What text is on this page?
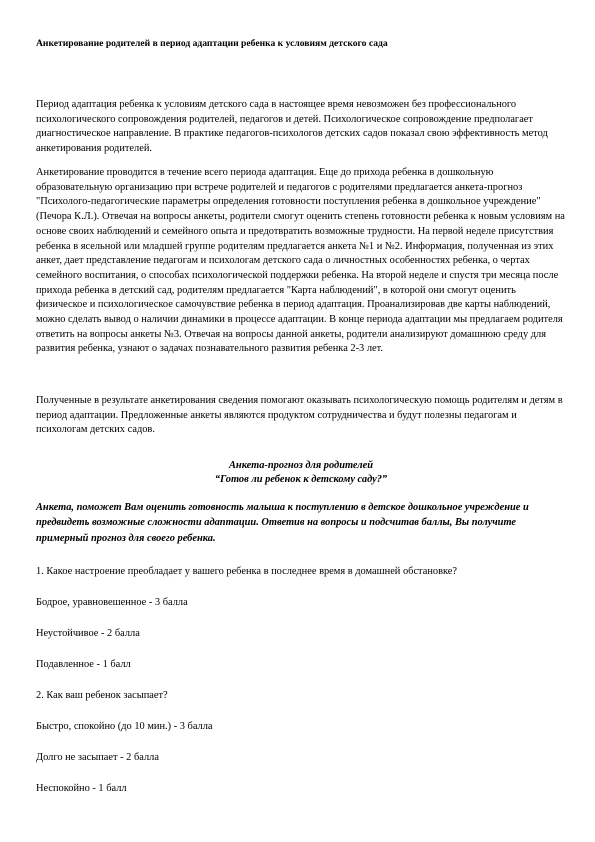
Анкетирование родителей в период адаптации ребенка к условиям детского сада
Период адаптация ребенка к условиям детского сада в настоящее время невозможен без профессионального психологического сопровождения родителей, педагогов и детей. Психологическое сопровождение предполагает диагностическое направление. В практике педагогов-психологов детских садов показал свою эффективность метод анкетирования родителей.
Анкетирование проводится в течение всего периода адаптация. Еще до прихода ребенка в дошкольную образовательную организацию при встрече родителей и педагогов с родителями предлагается анкета-прогноз "Психолого-педагогические параметры определения готовности поступления ребенка в дошкольное учреждение" (Печора К.Л.). Отвечая на вопросы анкеты, родители смогут оценить степень готовности ребенка к новым условиям на основе своих наблюдений и семейного опыта и предотвратить возможные трудности. На первой неделе присутствия ребенка в ясельной или младшей группе родителям предлагается анкета №1 и №2. Информация, полученная из этих анкет, дает представление педагогам и психологам детского сада о личностных особенностях ребенка, о чертах семейного воспитания, о способах психологической поддержки ребенка. На второй неделе и спустя три месяца после прихода ребенка в детский сад, родителям предлагается "Карта наблюдений", в которой они смогут оценить физическое и психологическое самочувствие ребенка в период адаптация. Проанализировав две карты наблюдений, можно сделать вывод о наличии динамики в процессе адаптации. В конце периода адаптации мы предлагаем родителя ответить на вопросы анкеты №3. Отвечая на вопросы данной анкеты, родители анализируют домашнюю среду для развития ребенка, узнают о задачах познавательного развития ребенка 2-3 лет.
Полученные в результате анкетирования сведения помогают оказывать психологическую помощь родителям и детям в период адаптации. Предложенные анкеты являются продуктом сотрудничества и будут полезны педагогам и психологам детских садов.
Анкета-прогноз для родителей
“Готов ли ребенок к детскому саду?”
Анкета, поможет Вам оценить готовность малыша к поступлению в детское дошкольное учреждение и предвидеть возможные сложности адаптации. Ответив на вопросы и подсчитав баллы, Вы получите примерный прогноз для своего ребенка.
1. Какое настроение преобладает у вашего ребенка в последнее время в домашней обстановке?
Бодрое, уравновешенное - 3 балла
Неустойчивое - 2 балла
Подавленное - 1 балл
2. Как ваш ребенок засыпает?
Быстро, спокойно (до 10 мин.) - 3 балла
Долго не засыпает - 2 балла
Неспокойно - 1 балл
